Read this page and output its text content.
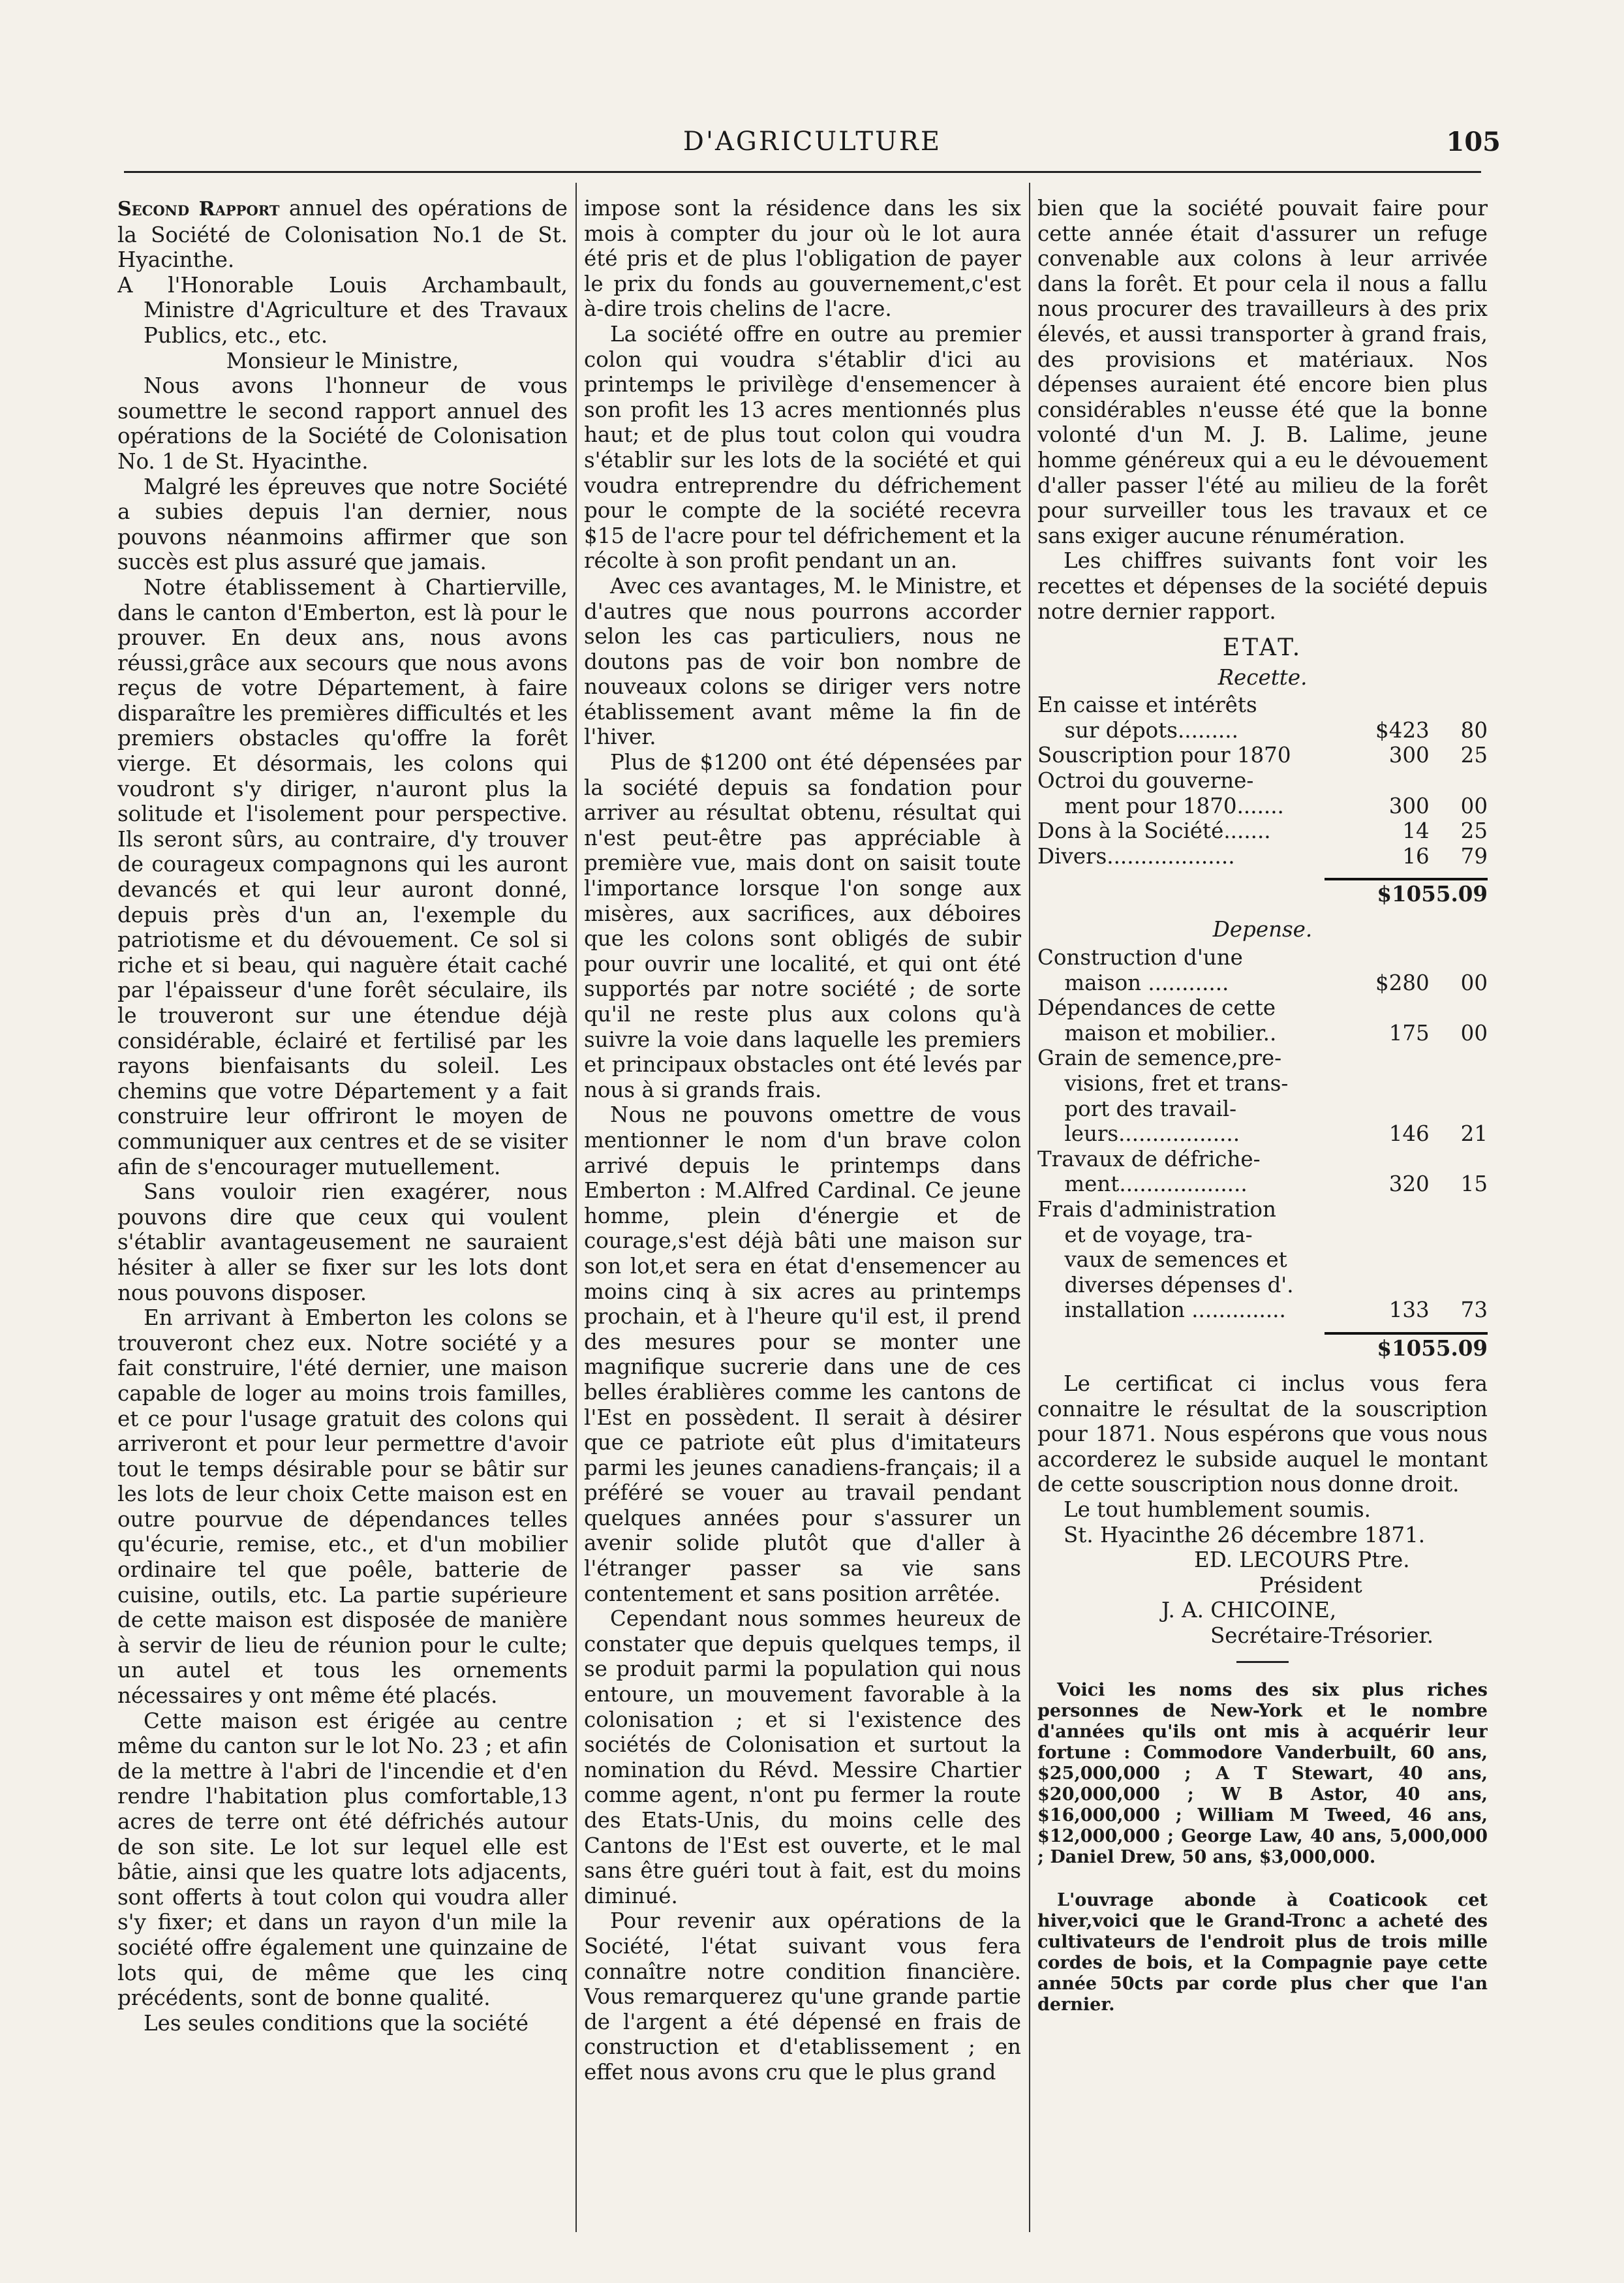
D'AGRICULTURE	105

Second Rapport annuel des opérations de la Société de Colonisation No.1 de St. Hyacinthe.

A l'Honorable Louis Archambault, Ministre d'Agriculture et des Travaux Publics, etc., etc.

Monsieur le Ministre,

Nous avons l'honneur de vous soumettre le second rapport annuel des opérations de la Société de Colonisation No. 1 de St. Hyacinthe.

Malgré les épreuves que notre Société a subies depuis l'an dernier, nous pouvons néanmoins affirmer que son succès est plus assuré que jamais.

Notre établissement à Chartierville, dans le canton d'Emberton, est là pour le prouver. En deux ans, nous avons réussi,grâce aux secours que nous avons reçus de votre Département, à faire disparaître les premières difficultés et les premiers obstacles qu'offre la forêt vierge. Et désormais, les colons qui voudront s'y diriger, n'auront plus la solitude et l'isolement pour perspective. Ils seront sûrs, au contraire, d'y trouver de courageux compagnons qui les auront devancés et qui leur auront donné, depuis près d'un an, l'exemple du patriotisme et du dévouement. Ce sol si riche et si beau, qui naguère était caché par l'épaisseur d'une forêt séculaire, ils le trouveront sur une étendue déjà considérable, éclairé et fertilisé par les rayons bienfaisants du soleil. Les chemins que votre Département y a fait construire leur offriront le moyen de communiquer aux centres et de se visiter afin de s'encourager mutuellement.

Sans vouloir rien exagérer, nous pouvons dire que ceux qui voulent s'établir avantageusement ne sauraient hésiter à aller se fixer sur les lots dont nous pouvons disposer.

En arrivant à Emberton les colons se trouveront chez eux. Notre société y a fait construire, l'été dernier, une maison capable de loger au moins trois familles, et ce pour l'usage gratuit des colons qui arriveront et pour leur permettre d'avoir tout le temps désirable pour se bâtir sur les lots de leur choix Cette maison est en outre pourvue de dépendances telles qu'écurie, remise, etc., et d'un mobilier ordinaire tel que poêle, batterie de cuisine, outils, etc. La partie supérieure de cette maison est disposée de manière à servir de lieu de réunion pour le culte; un autel et tous les ornements nécessaires y ont même été placés.

Cette maison est érigée au centre même du canton sur le lot No. 23 ; et afin de la mettre à l'abri de l'incendie et d'en rendre l'habitation plus comfortable,13 acres de terre ont été défrichés autour de son site. Le lot sur lequel elle est bâtie, ainsi que les quatre lots adjacents, sont offerts à tout colon qui voudra aller s'y fixer; et dans un rayon d'un mile la société offre également une quinzaine de lots qui, de même que les cinq précédents, sont de bonne qualité.

Les seules conditions que la société

impose sont la résidence dans les six mois à compter du jour où le lot aura été pris et de plus l'obligation de payer le prix du fonds au gouvernement,c'est à-dire trois chelins de l'acre.

La société offre en outre au premier colon qui voudra s'établir d'ici au printemps le privilège d'ensemencer à son profit les 13 acres mentionnés plus haut; et de plus tout colon qui voudra s'établir sur les lots de la société et qui voudra entreprendre du défrichement pour le compte de la société recevra $15 de l'acre pour tel défrichement et la récolte à son profit pendant un an.

Avec ces avantages, M. le Ministre, et d'autres que nous pourrons accorder selon les cas particuliers, nous ne doutons pas de voir bon nombre de nouveaux colons se diriger vers notre établissement avant même la fin de l'hiver.

Plus de $1200 ont été dépensées par la société depuis sa fondation pour arriver au résultat obtenu, résultat qui n'est peut-être pas appréciable à première vue, mais dont on saisit toute l'importance lorsque l'on songe aux misères, aux sacrifices, aux déboires que les colons sont obligés de subir pour ouvrir une localité, et qui ont été supportés par notre société ; de sorte qu'il ne reste plus aux colons qu'à suivre la voie dans laquelle les premiers et principaux obstacles ont été levés par nous à si grands frais.

Nous ne pouvons omettre de vous mentionner le nom d'un brave colon arrivé depuis le printemps dans Emberton : M.Alfred Cardinal. Ce jeune homme, plein d'énergie et de courage,s'est déjà bâti une maison sur son lot,et sera en état d'ensemencer au moins cinq à six acres au printemps prochain, et à l'heure qu'il est, il prend des mesures pour se monter une magnifique sucrerie dans une de ces belles érablières comme les cantons de l'Est en possèdent. Il serait à désirer que ce patriote eût plus d'imitateurs parmi les jeunes canadiens-français; il a préféré se vouer au travail pendant quelques années pour s'assurer un avenir solide plutôt que d'aller à l'étranger passer sa vie sans contentement et sans position arrêtée.

Cependant nous sommes heureux de constater que depuis quelques temps, il se produit parmi la population qui nous entoure, un mouvement favorable à la colonisation ; et si l'existence des sociétés de Colonisation et surtout la nomination du Révd. Messire Chartier comme agent, n'ont pu fermer la route des Etats-Unis, du moins celle des Cantons de l'Est est ouverte, et le mal sans être guéri tout à fait, est du moins diminué.

Pour revenir aux opérations de la Société, l'état suivant vous fera connaître notre condition financière. Vous remarquerez qu'une grande partie de l'argent a été dépensé en frais de construction et d'etablissement ; en effet nous avons cru que le plus grand

bien que la société pouvait faire pour cette année était d'assurer un refuge convenable aux colons à leur arrivée dans la forêt. Et pour cela il nous a fallu nous procurer des travailleurs à des prix élevés, et aussi transporter à grand frais, des provisions et matériaux. Nos dépenses auraient été encore bien plus considérables n'eusse été que la bonne volonté d'un M. J. B. Lalime, jeune homme généreux qui a eu le dévouement d'aller passer l'été au milieu de la forêt pour surveiller tous les travaux et ce sans exiger aucune rénumération.

Les chiffres suivants font voir les recettes et dépenses de la société depuis notre dernier rapport.

ETAT.
Recette.
En caisse et intérêts		
sur dépots.........	$423	80
Souscription pour 1870	300	25
Octroi du gouverne-		
ment pour 1870.......	300	00
Dons à la Société.......	14	25
Divers...................	16	79
$1055.09
Depense.
Construction d'une		
maison ............	$280	00
Dépendances de cette		
maison et mobilier..	175	00
Grain de semence,pre-		
visions, fret et trans-		
port des travail-		
leurs..................	146	21
Travaux de défriche-		
ment...................	320	15
Frais d'administration		
et de voyage, tra-		
vaux de semences et		
diverses dépenses d'.		
installation ..............	133	73
$1055.09

Le certificat ci inclus vous fera connaitre le résultat de la souscription pour 1871. Nous espérons que vous nous accorderez le subside auquel le montant de cette souscription nous donne droit.

Le tout humblement soumis.

St. Hyacinthe 26 décembre 1871.

ED. LECOURS Ptre.

Président

J. A. CHICOINE,

Secrétaire-Trésorier.

Voici les noms des six plus riches personnes de New-York et le nombre d'années qu'ils ont mis à acquérir leur fortune : Commodore Vanderbuilt, 60 ans, $25,000,000 ; A T Stewart, 40 ans, $20,000,000 ; W B Astor, 40 ans, $16,000,000 ; William M Tweed, 46 ans, $12,000,000 ; George Law, 40 ans, 5,000,000 ; Daniel Drew, 50 ans, $3,000,000.

L'ouvrage abonde à Coaticook cet hiver,voici que le Grand-Tronc a acheté des cultivateurs de l'endroit plus de trois mille cordes de bois, et la Compagnie paye cette année 50cts par corde plus cher que l'an dernier.
